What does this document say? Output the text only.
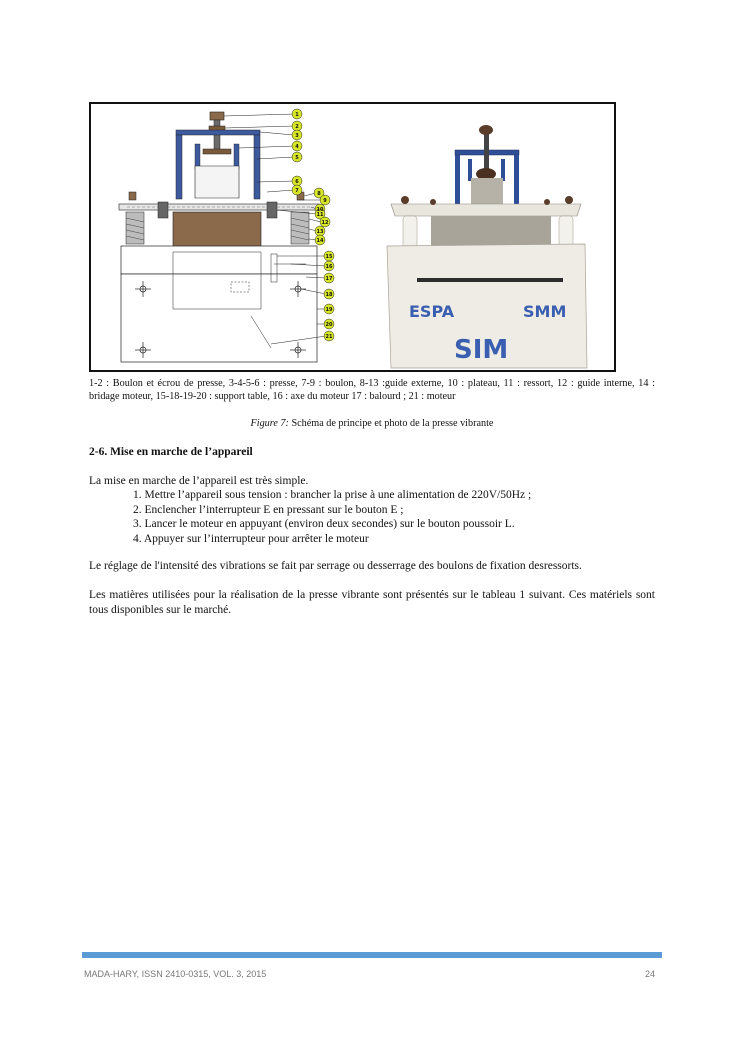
1
2
3
4
5
6
7	8
9
10
11
12
13
14
15
16
17
18
19
20
21
ESPA	SMM
SIM
1-2 : Boulon et écrou de presse, 3-4-5-6 : presse, 7-9 : boulon, 8-13 :guide externe, 10 : plateau, 11 : ressort, 12 : guide interne, 14 : bridage moteur, 15-18-19-20 : support table, 16 : axe du moteur 17 : balourd ; 21 : moteur
Figure 7: Schéma de principe et photo de la presse vibrante
2-6. Mise en marche de l’appareil
La mise en marche de l’appareil est très simple.
1. Mettre l’appareil sous tension : brancher la prise à une alimentation de 220V/50Hz ;
2. Enclencher l’interrupteur E en pressant sur le bouton E ;
3. Lancer le moteur en appuyant (environ deux secondes) sur le bouton poussoir L.
4. Appuyer sur l’interrupteur pour arrêter le moteur
Le réglage de l'intensité des vibrations se fait par serrage ou desserrage des boulons de fixation desressorts.
Les matières utilisées pour la réalisation de la presse vibrante sont présentés sur le tableau 1 suivant. Ces matériels sont tous disponibles sur le marché.
MADA-HARY, ISSN 2410-0315, VOL. 3, 2015	24
